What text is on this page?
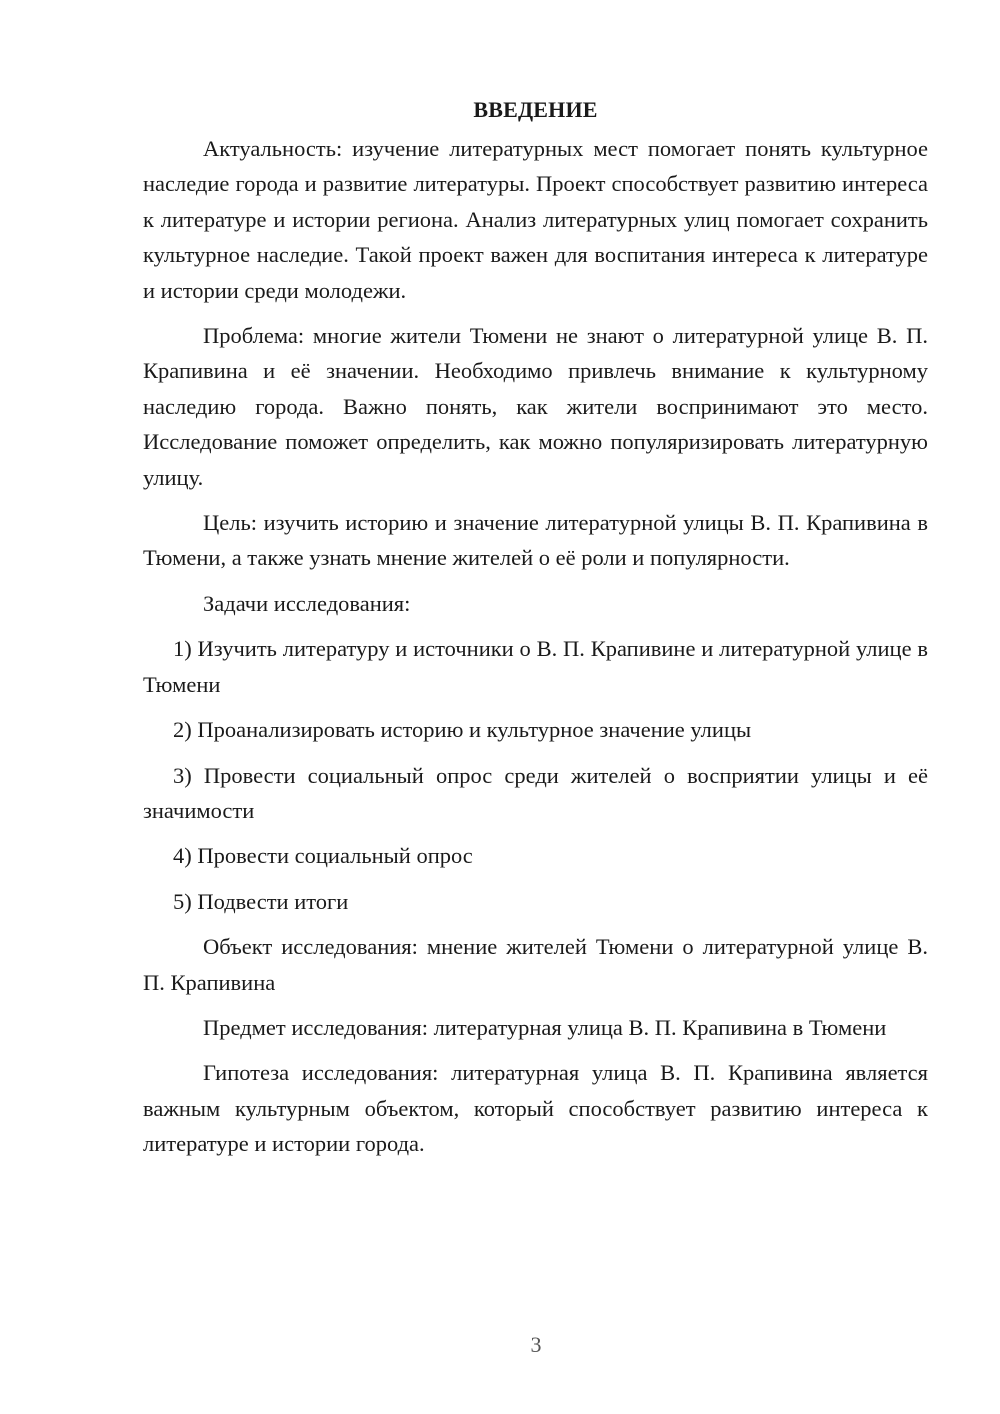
ВВЕДЕНИЕ

Актуальность: изучение литературных мест помогает понять культурное наследие города и развитие литературы. Проект способствует развитию интереса к литературе и истории региона. Анализ литературных улиц помогает сохранить культурное наследие. Такой проект важен для воспитания интереса к литературе и истории среди молодежи.

Проблема: многие жители Тюмени не знают о литературной улице В. П. Крапивина и её значении. Необходимо привлечь внимание к культурному наследию города. Важно понять, как жители воспринимают это место. Исследование поможет определить, как можно популяризировать литературную улицу.

Цель: изучить историю и значение литературной улицы В. П. Крапивина в Тюмени, а также узнать мнение жителей о её роли и популярности.

Задачи исследования:

1) Изучить литературу и источники о В. П. Крапивине и литературной улице в Тюмени

2) Проанализировать историю и культурное значение улицы

3) Провести социальный опрос среди жителей о восприятии улицы и её значимости

4) Провести социальный опрос

5) Подвести итоги

Объект исследования: мнение жителей Тюмени о литературной улице В. П. Крапивина

Предмет исследования: литературная улица В. П. Крапивина в Тюмени

Гипотеза исследования: литературная улица В. П. Крапивина является важным культурным объектом, который способствует развитию интереса к литературе и истории города.

3
